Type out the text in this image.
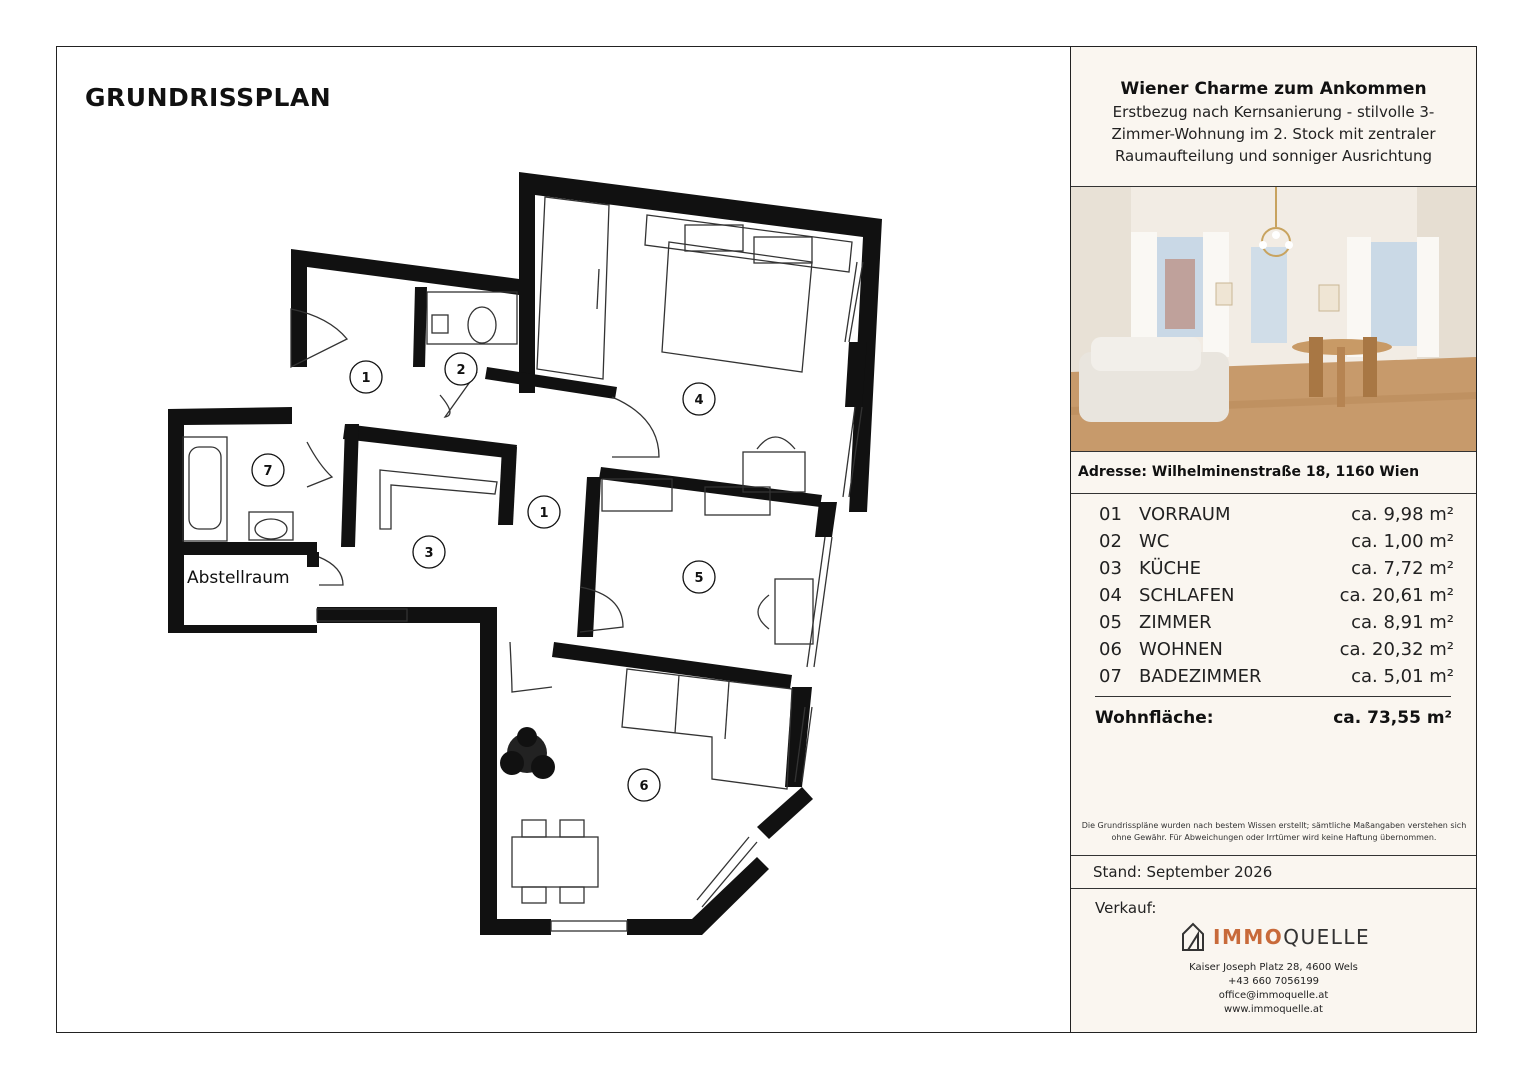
1
2
1
7
3
4
5
6
Abstellraum
GRUNDRISSPLAN	Wiener Charme zum Ankommen
Erstbezug nach Kernsanierung - stilvolle 3-Zimmer-Wohnung im 2. Stock mit zentraler Raumaufteilung und sonniger Ausrichtung
Adresse: Wilhelminenstraße 18, 1160 Wien
01 VORRAUM	ca. 9,98 m²
02 WC	ca. 1,00 m²
03 KÜCHE	ca. 7,72 m²
04 SCHLAFEN	ca. 20,61 m²
05 ZIMMER	ca. 8,91 m²
06 WOHNEN	ca. 20,32 m²
07 BADEZIMMER	ca. 5,01 m²
Wohnfläche:	ca. 73,55 m²
Die Grundrisspläne wurden nach bestem Wissen erstellt; sämtliche Maßangaben verstehen sich ohne Gewähr. Für Abweichungen oder Irrtümer wird keine Haftung übernommen.
Stand: September 2026
Verkauf:
IMMOQUELLE
Kaiser Joseph Platz 28, 4600 Wels
+43 660 7056199
office@immoquelle.at
www.immoquelle.at
